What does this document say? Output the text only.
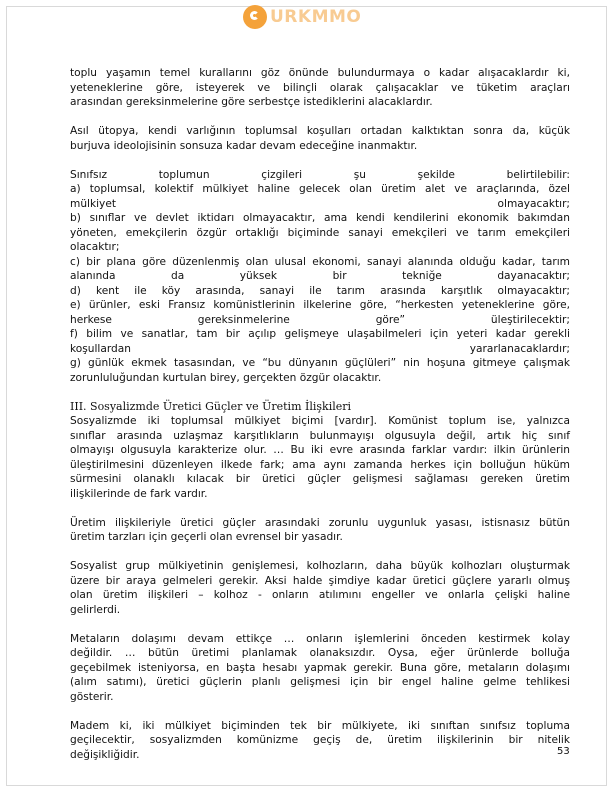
URKMMO
toplu yaşamın temel kurallarını göz önünde bulundurmaya o kadar alışacaklardır ki,
yeteneklerine göre, isteyerek ve bilinçli olarak çalışacaklar ve tüketim araçları
arasından gereksinmelerine göre serbestçe istediklerini alacaklardır.
Asıl ütopya, kendi varlığının toplumsal koşulları ortadan kalktıktan sonra da, küçük
burjuva ideolojisinin sonsuza kadar devam edeceğine inanmaktır.
Sınıfsız toplumun çizgileri şu şekilde belirtilebilir:
a) toplumsal, kolektif mülkiyet haline gelecek olan üretim alet ve araçlarında, özel
mülkiyet olmayacaktır;
b) sınıflar ve devlet iktidarı olmayacaktır, ama kendi kendilerini ekonomik bakımdan
yöneten, emekçilerin özgür ortaklığı biçiminde sanayi emekçileri ve tarım emekçileri
olacaktır;
c) bir plana göre düzenlenmiş olan ulusal ekonomi, sanayi alanında olduğu kadar, tarım
alanında da yüksek bir tekniğe dayanacaktır;
d) kent ile köy arasında, sanayi ile tarım arasında karşıtlık olmayacaktır;
e) ürünler, eski Fransız komünistlerinin ilkelerine göre, “herkesten yeteneklerine göre,
herkese gereksinmelerine göre” üleştirilecektir;
f) bilim ve sanatlar, tam bir açılıp gelişmeye ulaşabilmeleri için yeteri kadar gerekli
koşullardan yararlanacaklardır;
g) günlük ekmek tasasından, ve “bu dünyanın güçlüleri” nin hoşuna gitmeye çalışmak
zorunluluğundan kurtulan birey, gerçekten özgür olacaktır.
III. Sosyalizmde Üretici Güçler ve Üretim İlişkileri
Sosyalizmde iki toplumsal mülkiyet biçimi [vardır]. Komünist toplum ise, yalnızca
sınıflar arasında uzlaşmaz karşıtlıkların bulunmayışı olgusuyla değil, artık hiç sınıf
olmayışı olgusuyla karakterize olur. … Bu iki evre arasında farklar vardır: ilkin ürünlerin
üleştirilmesini düzenleyen ilkede fark; ama aynı zamanda herkes için bolluğun hüküm
sürmesini olanaklı kılacak bir üretici güçler gelişmesi sağlaması gereken üretim
ilişkilerinde de fark vardır.
Üretim ilişkileriyle üretici güçler arasındaki zorunlu uygunluk yasası, istisnasız bütün
üretim tarzları için geçerli olan evrensel bir yasadır.
Sosyalist grup mülkiyetinin genişlemesi, kolhozların, daha büyük kolhozları oluşturmak
üzere bir araya gelmeleri gerekir. Aksi halde şimdiye kadar üretici güçlere yararlı olmuş
olan üretim ilişkileri – kolhoz - onların atılımını engeller ve onlarla çelişki haline
gelirlerdi.
Metaların dolaşımı devam ettikçe … onların işlemlerini önceden kestirmek kolay
değildir. … bütün üretimi planlamak olanaksızdır. Oysa, eğer ürünlerde bolluğa
geçebilmek isteniyorsa, en başta hesabı yapmak gerekir. Buna göre, metaların dolaşımı
(alım satımı), üretici güçlerin planlı gelişmesi için bir engel haline gelme tehlikesi
gösterir.
Madem ki, iki mülkiyet biçiminden tek bir mülkiyete, iki sınıftan sınıfsız topluma
geçilecektir, sosyalizmden komünizme geçiş de, üretim ilişkilerinin bir nitelik
değişikliğidir.	53
